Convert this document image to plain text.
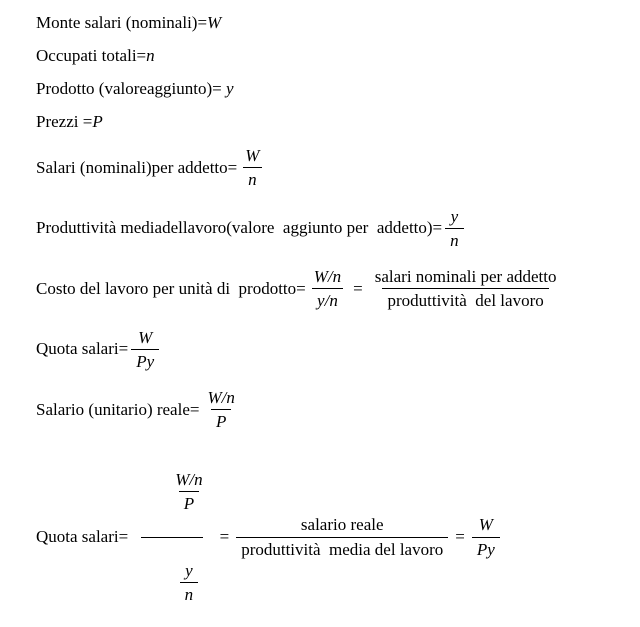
Monte salari (nominali)= W
Occupati totali= n
Prodotto (valoreaggiunto)= y
Prezzi = P
Salari (nominali)per addetto= $\frac{W}{n}$
Produttività mediadellavoro(valore  aggiunto per  addetto)= $\frac{y}{n}$
Costo del lavoro per unità di  prodotto= $\frac{W/n}{y/n} = \frac{\text{salari nominali per addetto}}{\text{produttività  del lavoro}}$
Quota salari= $\frac{W}{Py}$
Salario (unitario) reale= $\frac{W/n}{P}$
Quota salari=

$\frac{\frac{W/n}{P}}{\frac{y}{n}}$

= $\frac{\text{salario reale}}{\text{produttività  media del lavoro}} = \frac{W}{Py}$
